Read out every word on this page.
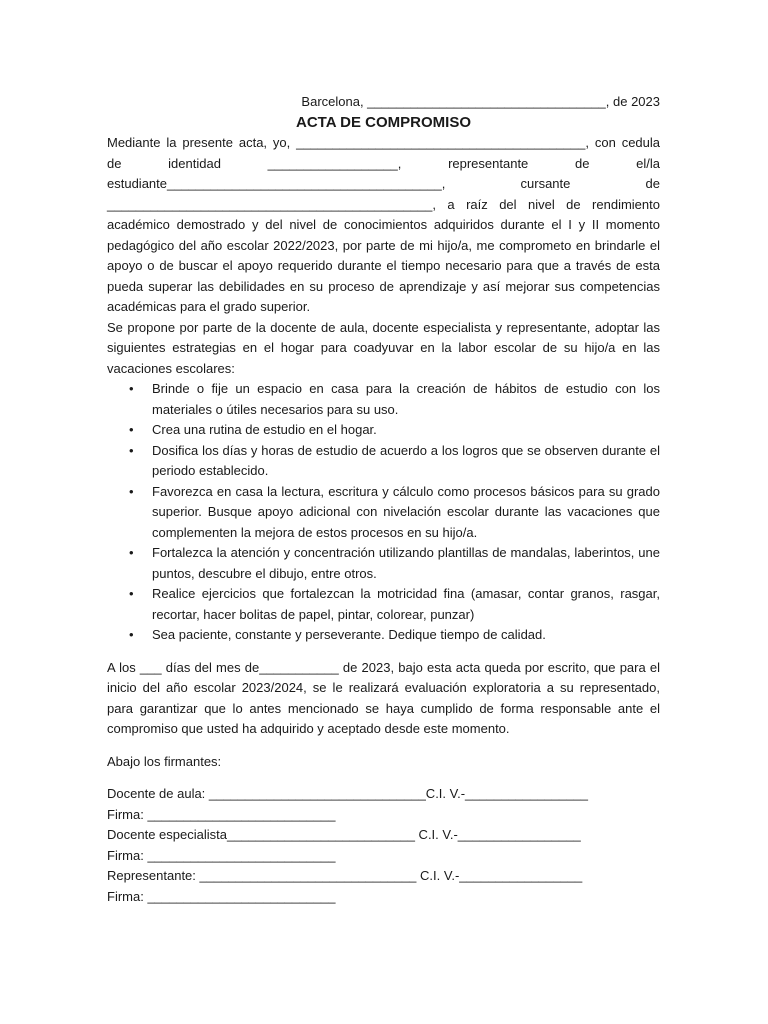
Barcelona, _________________________________, de 2023

ACTA DE COMPROMISO

Mediante la presente acta, yo, ________________________________________, con cedula de identidad __________________, representante de el/la estudiante______________________________________, cursante de _____________________________________________, a raíz del nivel de rendimiento académico demostrado y del nivel de conocimientos adquiridos durante el I y II momento pedagógico del año escolar 2022/2023, por parte de mi hijo/a, me comprometo en brindarle el apoyo o de buscar el apoyo requerido durante el tiempo necesario para que a través de esta pueda superar las debilidades en su proceso de aprendizaje y así mejorar sus competencias académicas para el grado superior.

Se propone por parte de la docente de aula, docente especialista y representante, adoptar las siguientes estrategias en el hogar para coadyuvar en la labor escolar de su hijo/a en las vacaciones escolares:

• Brinde o fije un espacio en casa para la creación de hábitos de estudio con los materiales o útiles necesarios para su uso.
• Crea una rutina de estudio en el hogar.
• Dosifica los días y horas de estudio de acuerdo a los logros que se observen durante el periodo establecido.
• Favorezca en casa la lectura, escritura y cálculo como procesos básicos para su grado superior. Busque apoyo adicional con nivelación escolar durante las vacaciones que complementen la mejora de estos procesos en su hijo/a.
• Fortalezca la atención y concentración utilizando plantillas de mandalas, laberintos, une puntos, descubre el dibujo, entre otros.
• Realice ejercicios que fortalezcan la motricidad fina (amasar, contar granos, rasgar, recortar, hacer bolitas de papel, pintar, colorear, punzar)
• Sea paciente, constante y perseverante. Dedique tiempo de calidad.

A los ___ días del mes de___________ de 2023, bajo esta acta queda por escrito, que para el inicio del año escolar 2023/2024, se le realizará evaluación exploratoria a su representado, para garantizar que lo antes mencionado se haya cumplido de forma responsable ante el compromiso que usted ha adquirido y aceptado desde este momento.

Abajo los firmantes:

Docente de aula: ______________________________C.I. V.-_________________

Firma: __________________________

Docente especialista__________________________ C.I. V.-_________________

Firma: __________________________

Representante: ______________________________ C.I. V.-_________________

Firma: __________________________
